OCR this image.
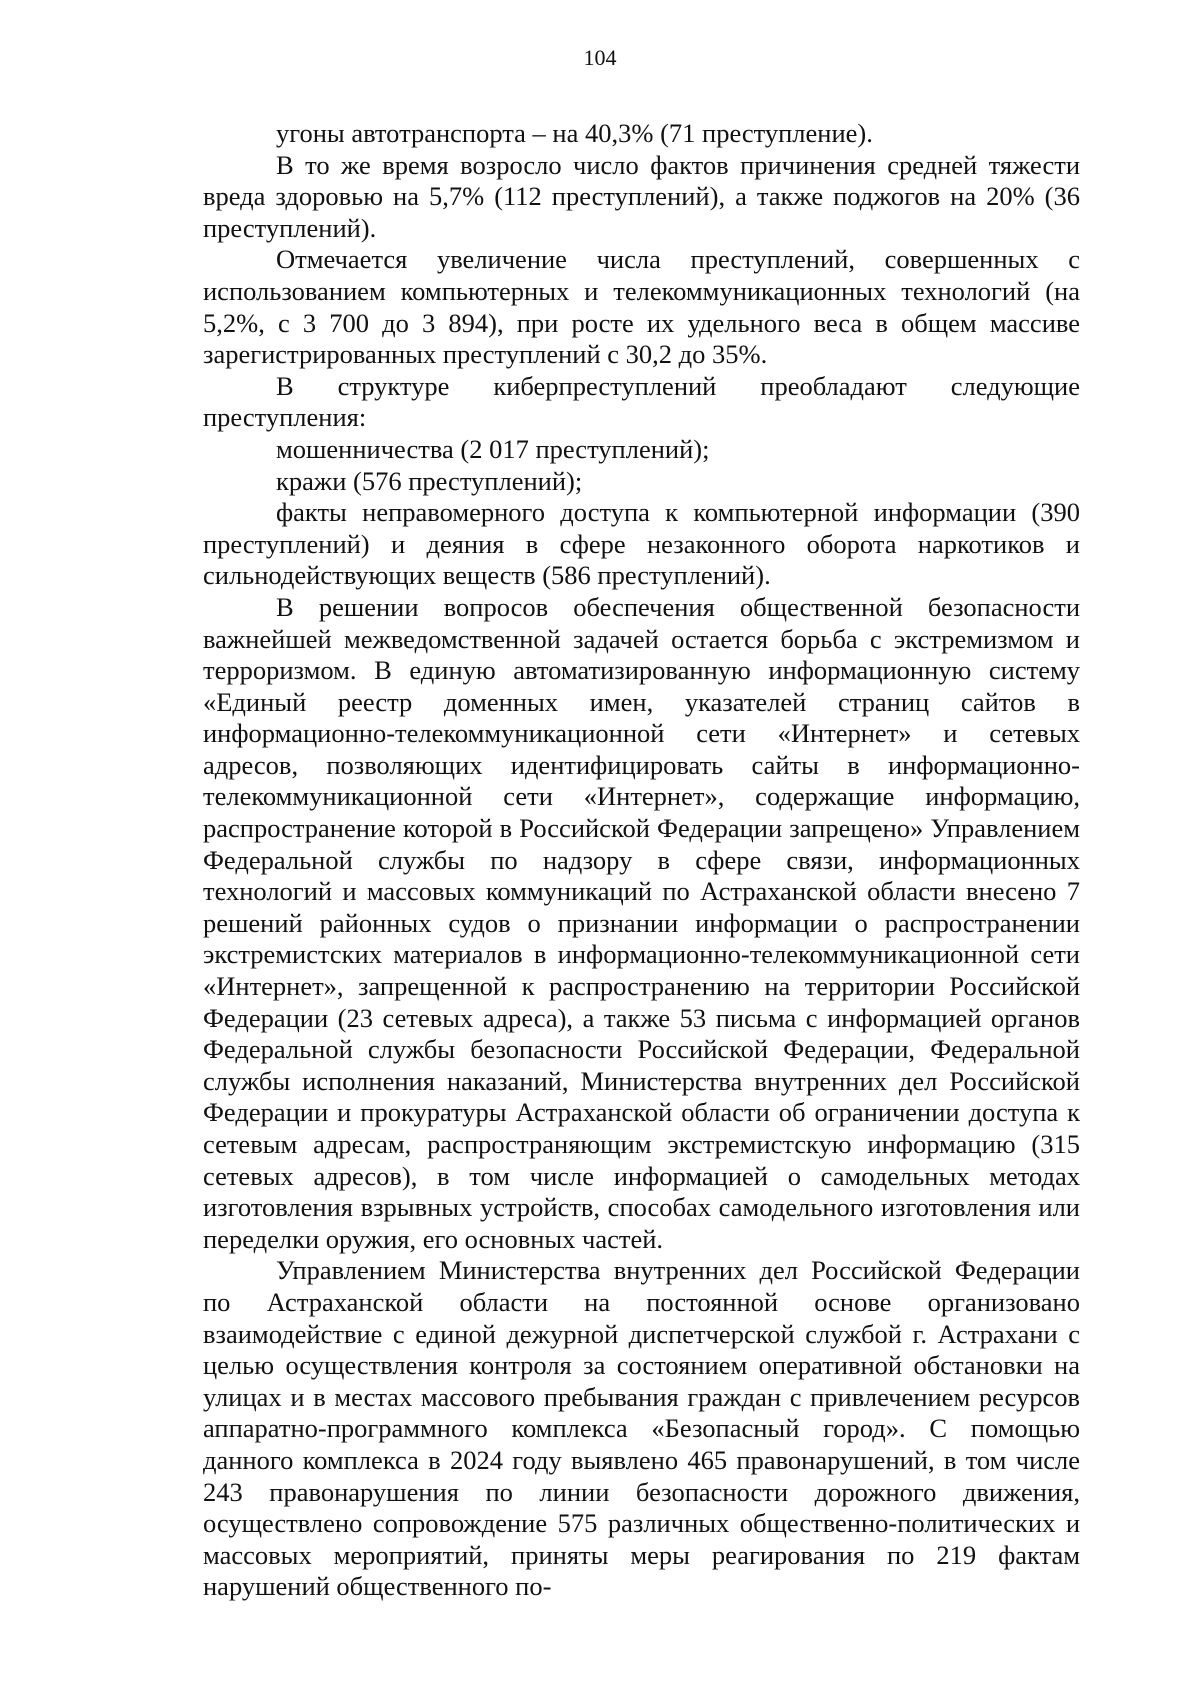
104

угоны автотранспорта – на 40,3% (71 преступление).

В то же время возросло число фактов причинения средней тяжести вреда здоровью на 5,7% (112 преступлений), а также поджогов на 20% (36 преступлений).

Отмечается увеличение числа преступлений, совершенных с использованием компьютерных и телекоммуникационных технологий (на 5,2%, с 3 700 до 3 894), при росте их удельного веса в общем массиве зарегистрированных преступлений с 30,2 до 35%.

В структуре киберпреступлений преобладают следующие преступления:

мошенничества (2 017 преступлений);

кражи (576 преступлений);

факты неправомерного доступа к компьютерной информации (390 преступлений) и деяния в сфере незаконного оборота наркотиков и сильнодействующих веществ (586 преступлений).

В решении вопросов обеспечения общественной безопасности важнейшей межведомственной задачей остается борьба с экстремизмом и терроризмом. В единую автоматизированную информационную систему «Единый реестр доменных имен, указателей страниц сайтов в информационно-телекоммуникационной сети «Интернет» и сетевых адресов, позволяющих идентифицировать сайты в информационно-телекоммуникационной сети «Интернет», содержащие информацию, распространение которой в Российской Федерации запрещено» Управлением Федеральной службы по надзору в сфере связи, информационных технологий и массовых коммуникаций по Астраханской области внесено 7 решений районных судов о признании информации о распространении экстремистских материалов в информационно-телекоммуникационной сети «Интернет», запрещенной к распространению на территории Российской Федерации (23 сетевых адреса), а также 53 письма с информацией органов Федеральной службы безопасности Российской Федерации, Федеральной службы исполнения наказаний, Министерства внутренних дел Российской Федерации и прокуратуры Астраханской области об ограничении доступа к сетевым адресам, распространяющим экстремистскую информацию (315 сетевых адресов), в том числе информацией о самодельных методах изготовления взрывных устройств, способах самодельного изготовления или переделки оружия, его основных частей.

Управлением Министерства внутренних дел Российской Федерации по Астраханской области на постоянной основе организовано взаимодействие с единой дежурной диспетчерской службой г. Астрахани с целью осуществления контроля за состоянием оперативной обстановки на улицах и в местах массового пребывания граждан с привлечением ресурсов аппаратно-программного комплекса «Безопасный город». С помощью данного комплекса в 2024 году выявлено 465 правонарушений, в том числе 243 правонарушения по линии безопасности дорожного движения, осуществлено сопровождение 575 различных общественно-политических и массовых мероприятий, приняты меры реагирования по 219 фактам нарушений общественного по-
